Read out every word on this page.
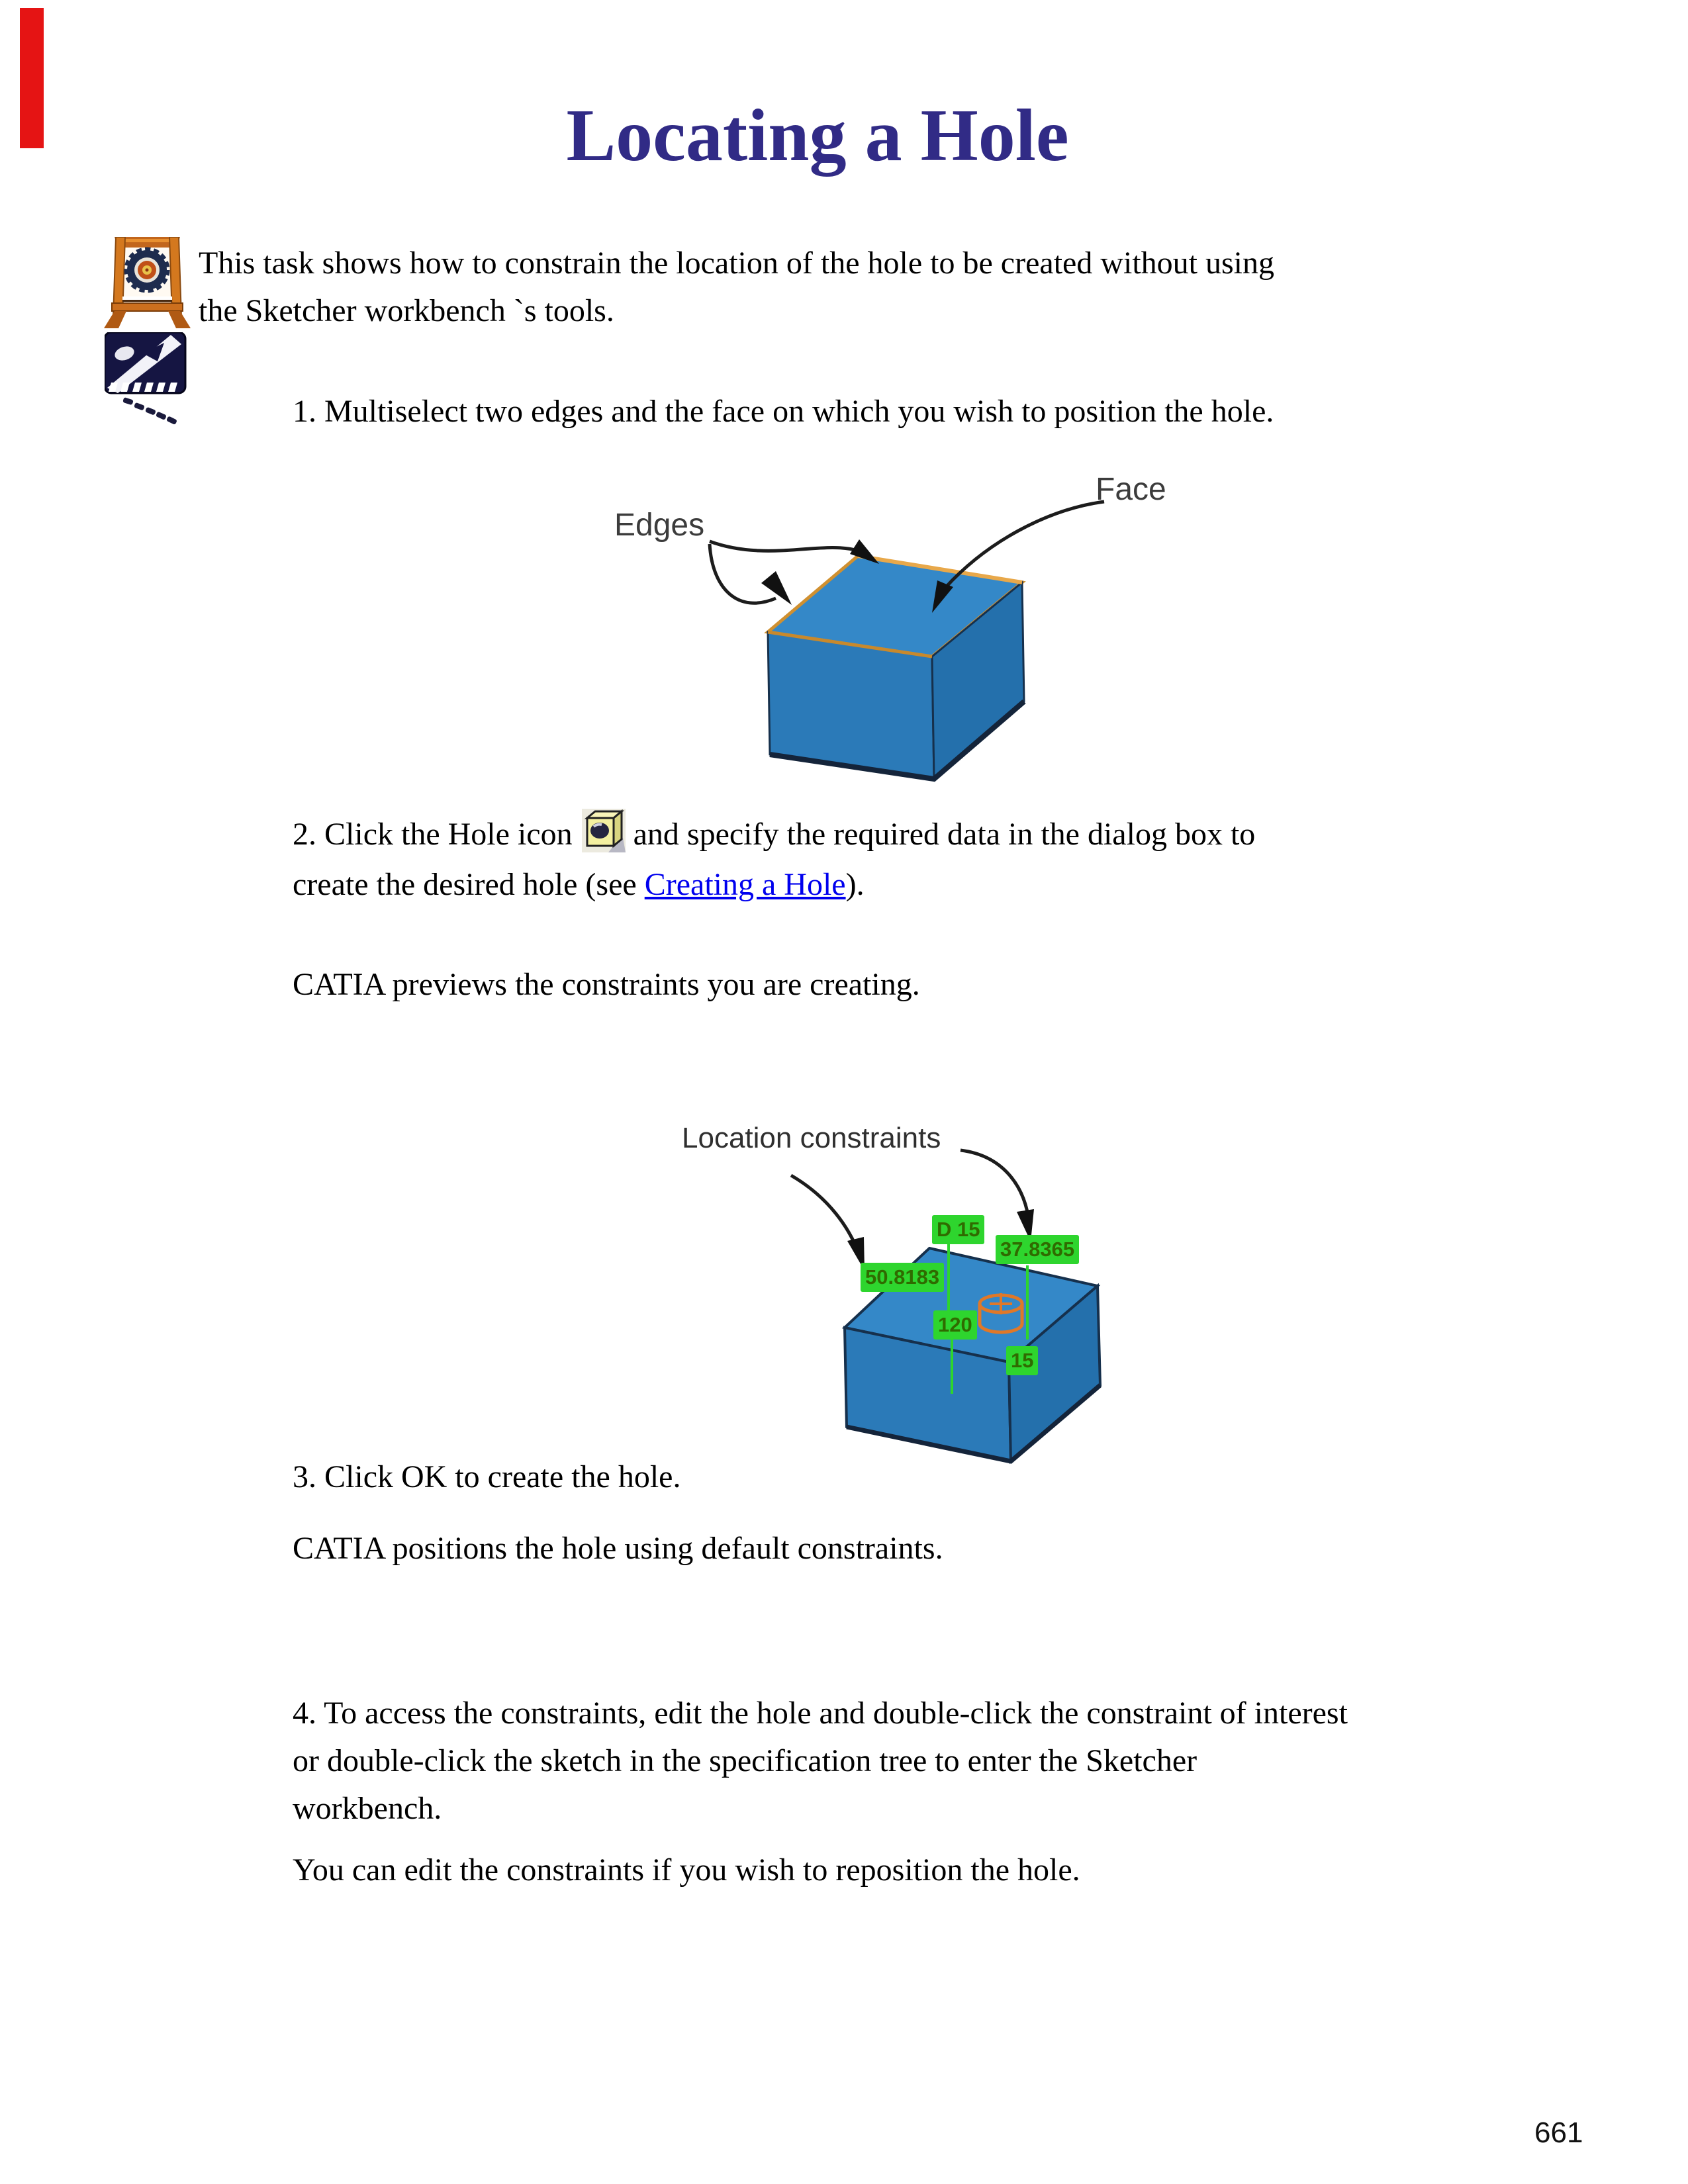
Locating a Hole
This task shows how to constrain the location of the hole to be created without using
the Sketcher workbench `s tools.
1. Multiselect two edges and the face on which you wish to position the hole.
Edges
Face
2. Click the Hole icon and specify the required data in the dialog box to
create the desired hole (see Creating a Hole).
CATIA previews the constraints you are creating.
Location constraints
D 15
37.8365
50.8183
120
15
3. Click OK to create the hole.
CATIA positions the hole using default constraints.
4. To access the constraints, edit the hole and double-click the constraint of interest
or double-click the sketch in the specification tree to enter the Sketcher
workbench.
You can edit the constraints if you wish to reposition the hole.
661
